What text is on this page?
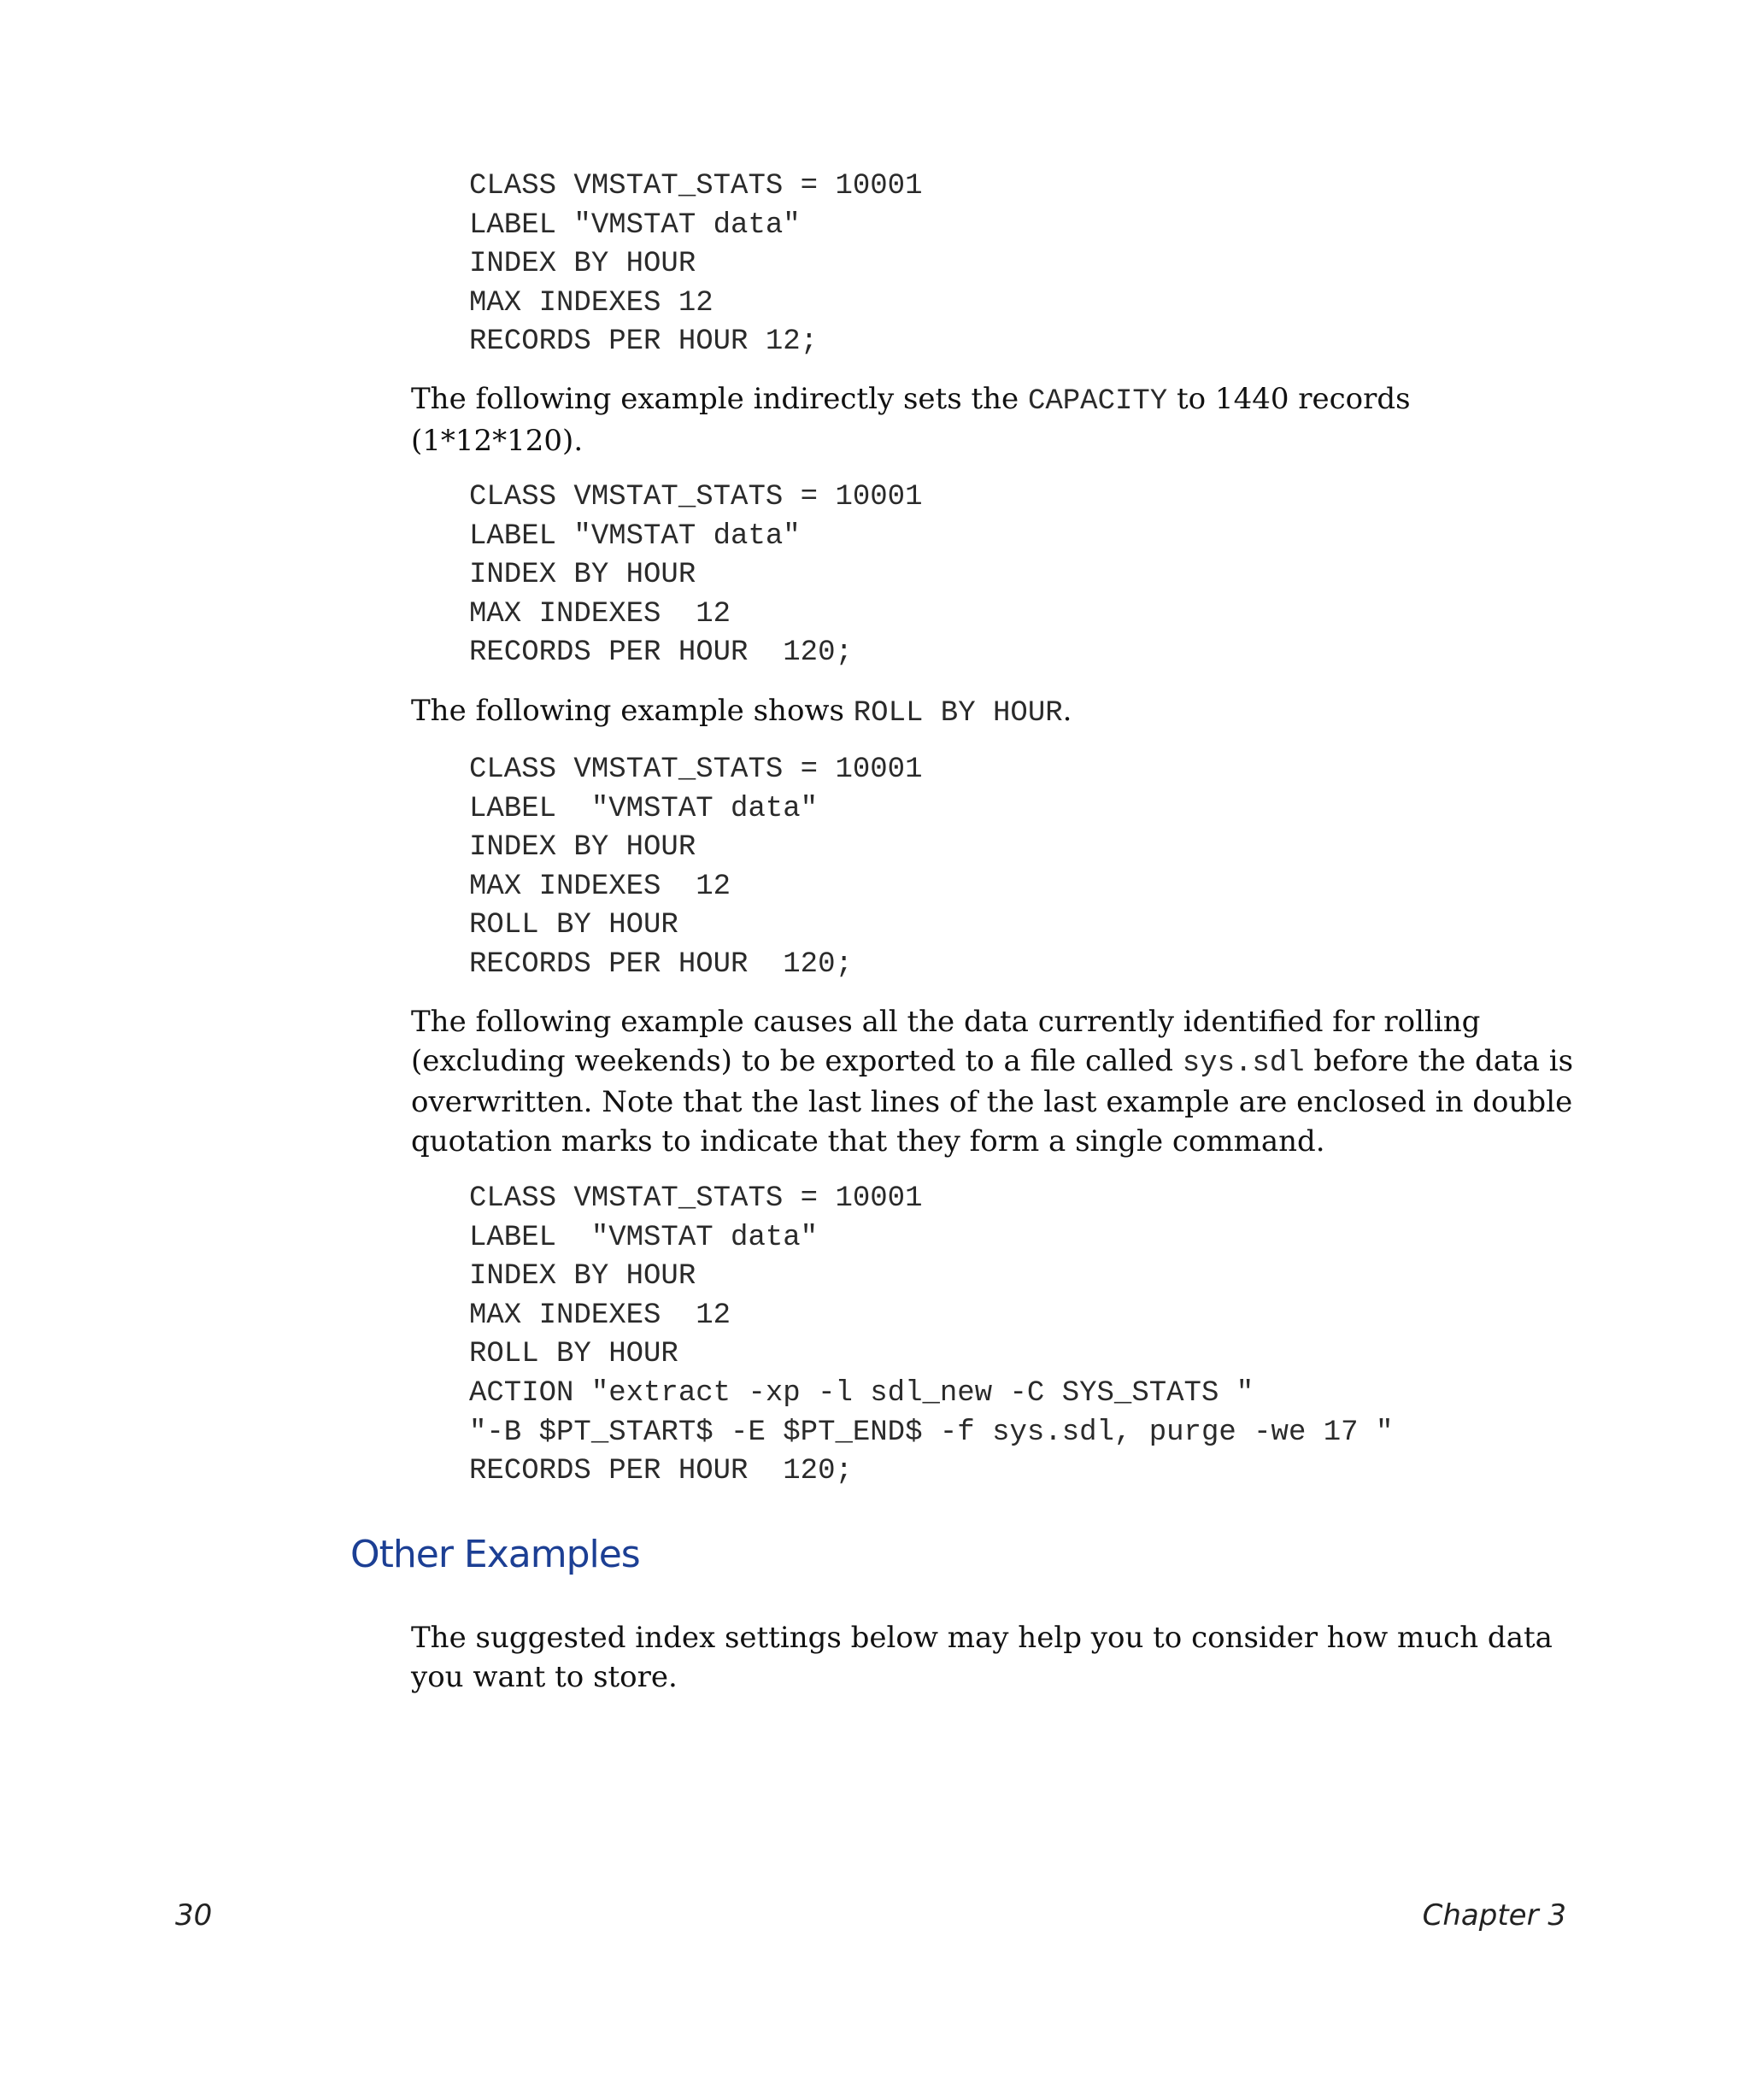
CLASS VMSTAT_STATS = 10001
LABEL "VMSTAT data"
INDEX BY HOUR
MAX INDEXES 12
RECORDS PER HOUR 12;

The following example indirectly sets the CAPACITY to 1440 records (1*12*120).

CLASS VMSTAT_STATS = 10001
LABEL "VMSTAT data"
INDEX BY HOUR
MAX INDEXES  12
RECORDS PER HOUR  120;

The following example shows ROLL BY HOUR.

CLASS VMSTAT_STATS = 10001
LABEL  "VMSTAT data"
INDEX BY HOUR
MAX INDEXES  12
ROLL BY HOUR
RECORDS PER HOUR  120;

The following example causes all the data currently identified for rolling (excluding weekends) to be exported to a file called sys.sdl before the data is overwritten. Note that the last lines of the last example are enclosed in double quotation marks to indicate that they form a single command.

CLASS VMSTAT_STATS = 10001
LABEL  "VMSTAT data"
INDEX BY HOUR
MAX INDEXES  12
ROLL BY HOUR
ACTION "extract -xp -l sdl_new -C SYS_STATS "
"-B $PT_START$ -E $PT_END$ -f sys.sdl, purge -we 17 "
RECORDS PER HOUR  120;
Other Examples

The suggested index settings below may help you to consider how much data you want to store.

30	Chapter 3
